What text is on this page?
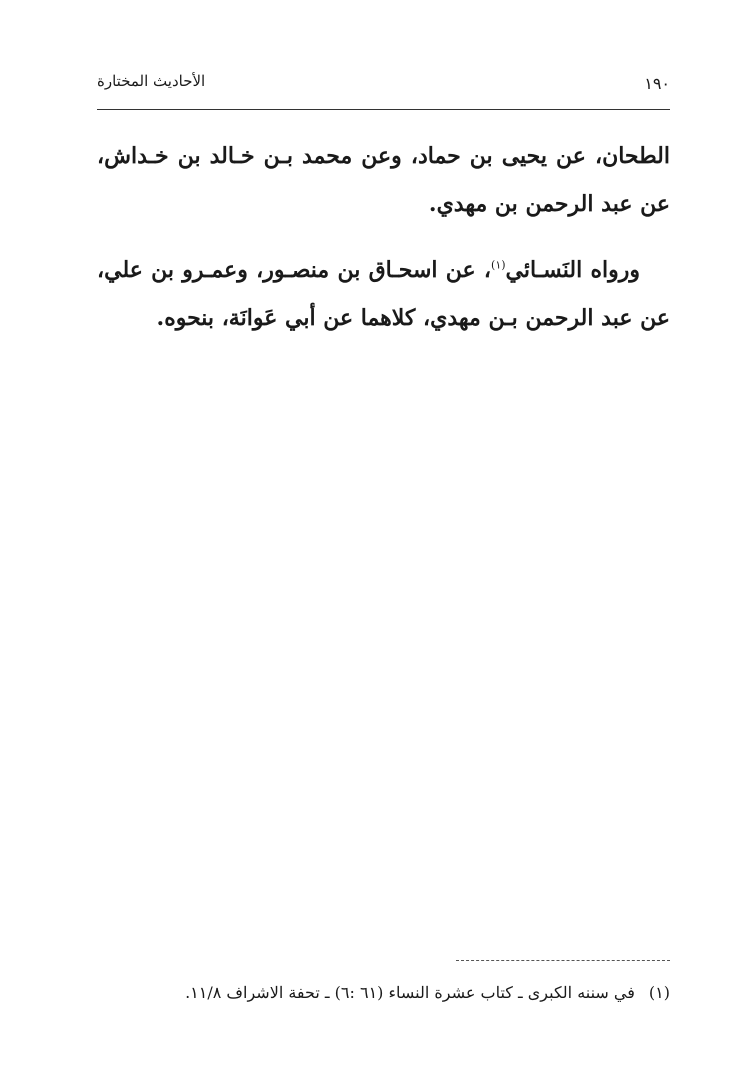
١٩٠
الأحاديث المختارة

الطحان، عن يحيى بن حماد، وعن محمد بـن خـالد بن خـداش، عن عبد الرحمن بن مهدي.

ورواه النَسـائي$^{(١)}$، عن اسحـاق بن منصـور، وعمـرو بن علي، عن عبد الرحمن بـن مهدي، كلاهما عن أبي عَوانَة، بنحوه.

(١)في سننه الكبرى ـ كتاب عشرة النساء (٦١ :٦) ـ تحفة الاشراف ١١/٨.
